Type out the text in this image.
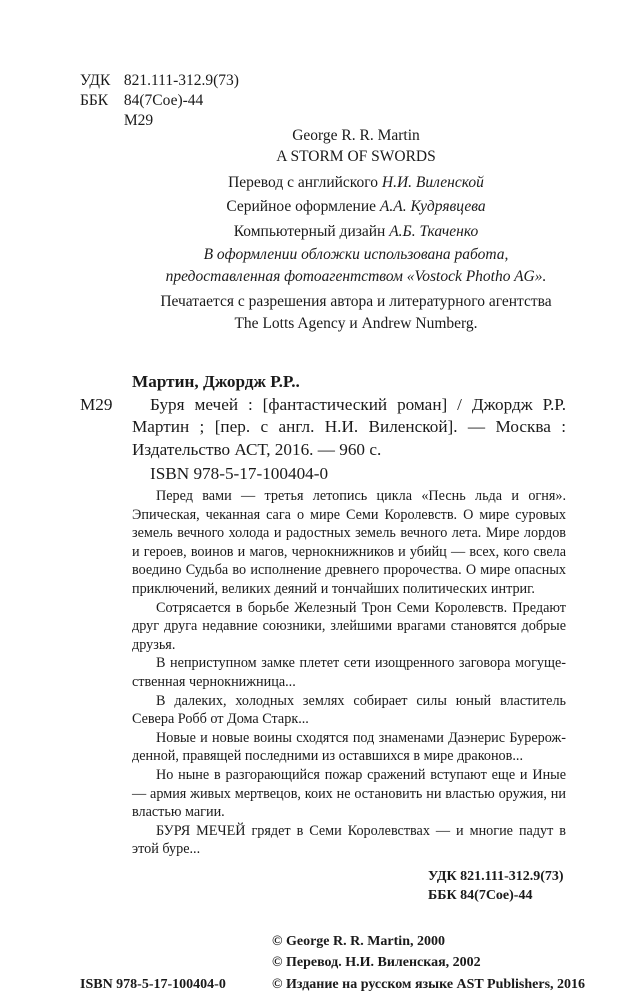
УДК 821.111-312.9(73)
ББК 84(7Сое)-44
М29
George R. R. Martin
A STORM OF SWORDS
Перевод с английского Н.И. Виленской
Серийное оформление А.А. Кудрявцева
Компьютерный дизайн А.Б. Ткаченко
В оформлении обложки использована работа,
предоставленная фотоагентством «Vostock Photho AG».
Печатается с разрешения автора и литературного агентства
The Lotts Agency и Andrew Numberg.
М29
Мартин, Джордж Р.Р..
Буря мечей : [фантастический роман] / Джордж Р.Р. Мартин ; [пер. с англ. Н.И. Виленской]. — Москва : Издательство АСТ, 2016. — 960 с.
ISBN 978-5-17-100404-0

Перед вами — третья летопись цикла «Песнь льда и огня». Эпическая, чеканная сага о мире Семи Королевств. О мире суровых земель вечного холода и радостных земель вечного лета. Мире лордов и героев, воинов и магов, чернокнижников и убийц — всех, кого свела воедино Судьба во исполнение древнего пророчества. О мире опасных приключений, великих деяний и тончайших политических интриг.

Сотрясается в борьбе Железный Трон Семи Королевств. Предают друг друга недавние союзники, злейшими врагами становятся добрые друзья.

В неприступном замке плетет сети изощренного заговора могущественная чернокнижница...

В далеких, холодных землях собирает силы юный властитель Севера Робб от Дома Старк...

Новые и новые воины сходятся под знаменами Даэнерис Бурерожденной, правящей последними из оставшихся в мире драконов...

Но ныне в разгорающийся пожар сражений вступают еще и Иные — армия живых мертвецов, коих не остановить ни властью оружия, ни властью магии.

БУРЯ МЕЧЕЙ грядет в Семи Королевствах — и многие падут в этой буре...

УДК 821.111-312.9(73)
ББК 84(7Сое)-44
ISBN 978-5-17-100404-0
© George R. R. Martin, 2000
© Перевод. Н.И. Виленская, 2002
© Издание на русском языке AST Publishers, 2016
